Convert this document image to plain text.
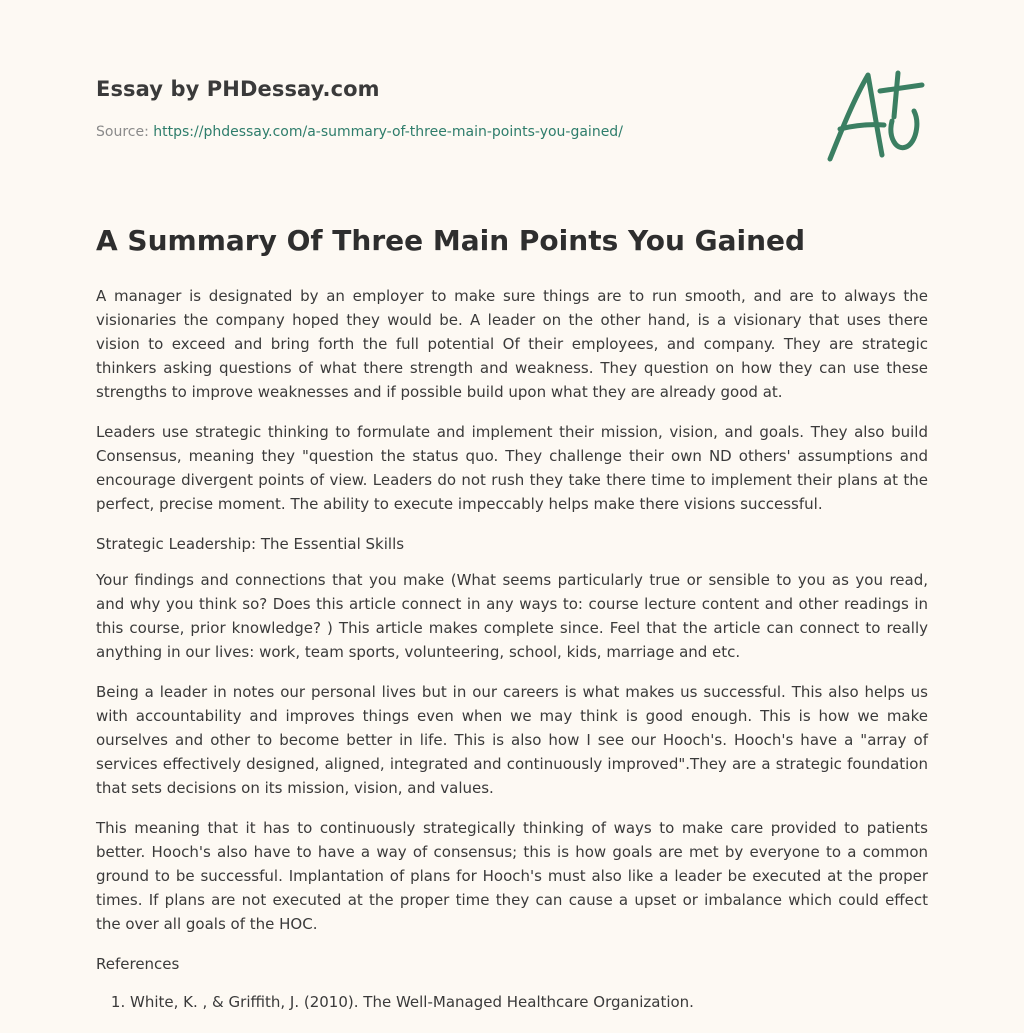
Essay by PHDessay.com
Source: https://phdessay.com/a-summary-of-three-main-points-you-gained/
A Summary Of Three Main Points You Gained

A manager is designated by an employer to make sure things are to run smooth, and are to always the visionaries the company hoped they would be. A leader on the other hand, is a visionary that uses there vision to exceed and bring forth the full potential Of their employees, and company. They are strategic thinkers asking questions of what there strength and weakness. They question on how they can use these strengths to improve weaknesses and if possible build upon what they are already good at.

Leaders use strategic thinking to formulate and implement their mission, vision, and goals. They also build Consensus, meaning they "question the status quo. They challenge their own ND others' assumptions and encourage divergent points of view. Leaders do not rush they take there time to implement their plans at the perfect, precise moment. The ability to execute impeccably helps make there visions successful.

Strategic Leadership: The Essential Skills

Your findings and connections that you make (What seems particularly true or sensible to you as you read, and why you think so? Does this article connect in any ways to: course lecture content and other readings in this course, prior knowledge? ) This article makes complete since. Feel that the article can connect to really anything in our lives: work, team sports, volunteering, school, kids, marriage and etc.

Being a leader in notes our personal lives but in our careers is what makes us successful. This also helps us with accountability and improves things even when we may think is good enough. This is how we make ourselves and other to become better in life. This is also how I see our Hooch's. Hooch's have a "array of services effectively designed, aligned, integrated and continuously improved".They are a strategic foundation that sets decisions on its mission, vision, and values.

This meaning that it has to continuously strategically thinking of ways to make care provided to patients better. Hooch's also have to have a way of consensus; this is how goals are met by everyone to a common ground to be successful. Implantation of plans for Hooch's must also like a leader be executed at the proper times. If plans are not executed at the proper time they can cause a upset or imbalance which could effect the over all goals of the HOC.

References

1. White, K. , & Griffith, J. (2010). The Well-Managed Healthcare Organization.
